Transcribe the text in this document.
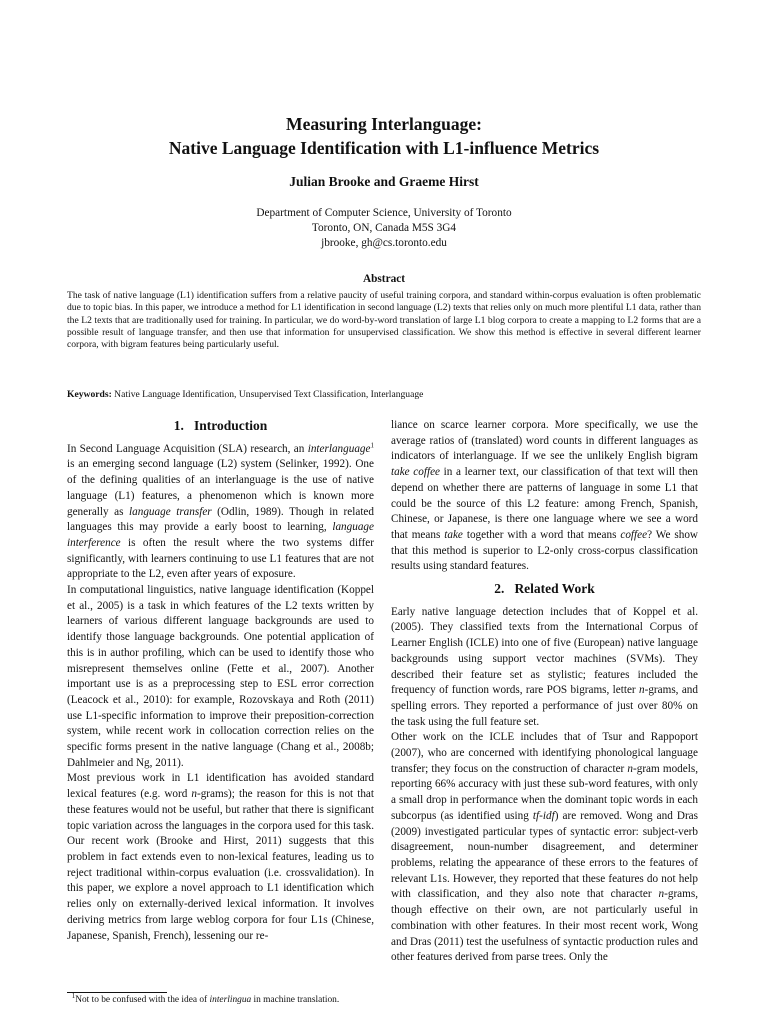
Measuring Interlanguage:
Native Language Identification with L1-influence Metrics
Julian Brooke and Graeme Hirst
Department of Computer Science, University of Toronto
Toronto, ON, Canada M5S 3G4
jbrooke, gh@cs.toronto.edu
Abstract
The task of native language (L1) identification suffers from a relative paucity of useful training corpora, and standard within-corpus evaluation is often problematic due to topic bias. In this paper, we introduce a method for L1 identification in second language (L2) texts that relies only on much more plentiful L1 data, rather than the L2 texts that are traditionally used for training. In particular, we do word-by-word translation of large L1 blog corpora to create a mapping to L2 forms that are a possible result of language transfer, and then use that information for unsupervised classification. We show this method is effective in several different learner corpora, with bigram features being particularly useful.
Keywords: Native Language Identification, Unsupervised Text Classification, Interlanguage
1. Introduction

In Second Language Acquisition (SLA) research, an interlanguage$^1$ is an emerging second language (L2) system (Selinker, 1992). One of the defining qualities of an interlanguage is the use of native language (L1) features, a phenomenon which is known more generally as language transfer (Odlin, 1989). Though in related languages this may provide a early boost to learning, language interference is often the result where the two systems differ significantly, with learners continuing to use L1 features that are not appropriate to the L2, even after years of exposure.

In computational linguistics, native language identification (Koppel et al., 2005) is a task in which features of the L2 texts written by learners of various different language backgrounds are used to identify those language backgrounds. One potential application of this is in author profiling, which can be used to identify those who misrepresent themselves online (Fette et al., 2007). Another important use is as a preprocessing step to ESL error correction (Leacock et al., 2010): for example, Rozovskaya and Roth (2011) use L1-specific information to improve their preposition-correction system, while recent work in collocation correction relies on the specific forms present in the native language (Chang et al., 2008b; Dahlmeier and Ng, 2011).

Most previous work in L1 identification has avoided standard lexical features (e.g. word n-grams); the reason for this is not that these features would not be useful, but rather that there is significant topic variation across the languages in the corpora used for this task. Our recent work (Brooke and Hirst, 2011) suggests that this problem in fact extends even to non-lexical features, leading us to reject traditional within-corpus evaluation (i.e. crossvalidation). In this paper, we explore a novel approach to L1 identification which relies only on externally-derived lexical information. It involves deriving metrics from large weblog corpora for four L1s (Chinese, Japanese, Spanish, French), lessening our re-

liance on scarce learner corpora. More specifically, we use the average ratios of (translated) word counts in different languages as indicators of interlanguage. If we see the unlikely English bigram take coffee in a learner text, our classification of that text will then depend on whether there are patterns of language in some L1 that could be the source of this L2 feature: among French, Spanish, Chinese, or Japanese, is there one language where we see a word that means take together with a word that means coffee? We show that this method is superior to L2-only cross-corpus classification results using standard features.

2. Related Work

Early native language detection includes that of Koppel et al. (2005). They classified texts from the International Corpus of Learner English (ICLE) into one of five (European) native language backgrounds using support vector machines (SVMs). They described their feature set as stylistic; features included the frequency of function words, rare POS bigrams, letter n-grams, and spelling errors. They reported a performance of just over 80% on the task using the full feature set.

Other work on the ICLE includes that of Tsur and Rappoport (2007), who are concerned with identifying phonological language transfer; they focus on the construction of character n-gram models, reporting 66% accuracy with just these sub-word features, with only a small drop in performance when the dominant topic words in each subcorpus (as identified using tf-idf) are removed. Wong and Dras (2009) investigated particular types of syntactic error: subject-verb disagreement, noun-number disagreement, and determiner problems, relating the appearance of these errors to the features of relevant L1s. However, they reported that these features do not help with classification, and they also note that character n-grams, though effective on their own, are not particularly useful in combination with other features. In their most recent work, Wong and Dras (2011) test the usefulness of syntactic production rules and other features derived from parse trees. Only the

$^1$Not to be confused with the idea of interlingua in machine translation.
